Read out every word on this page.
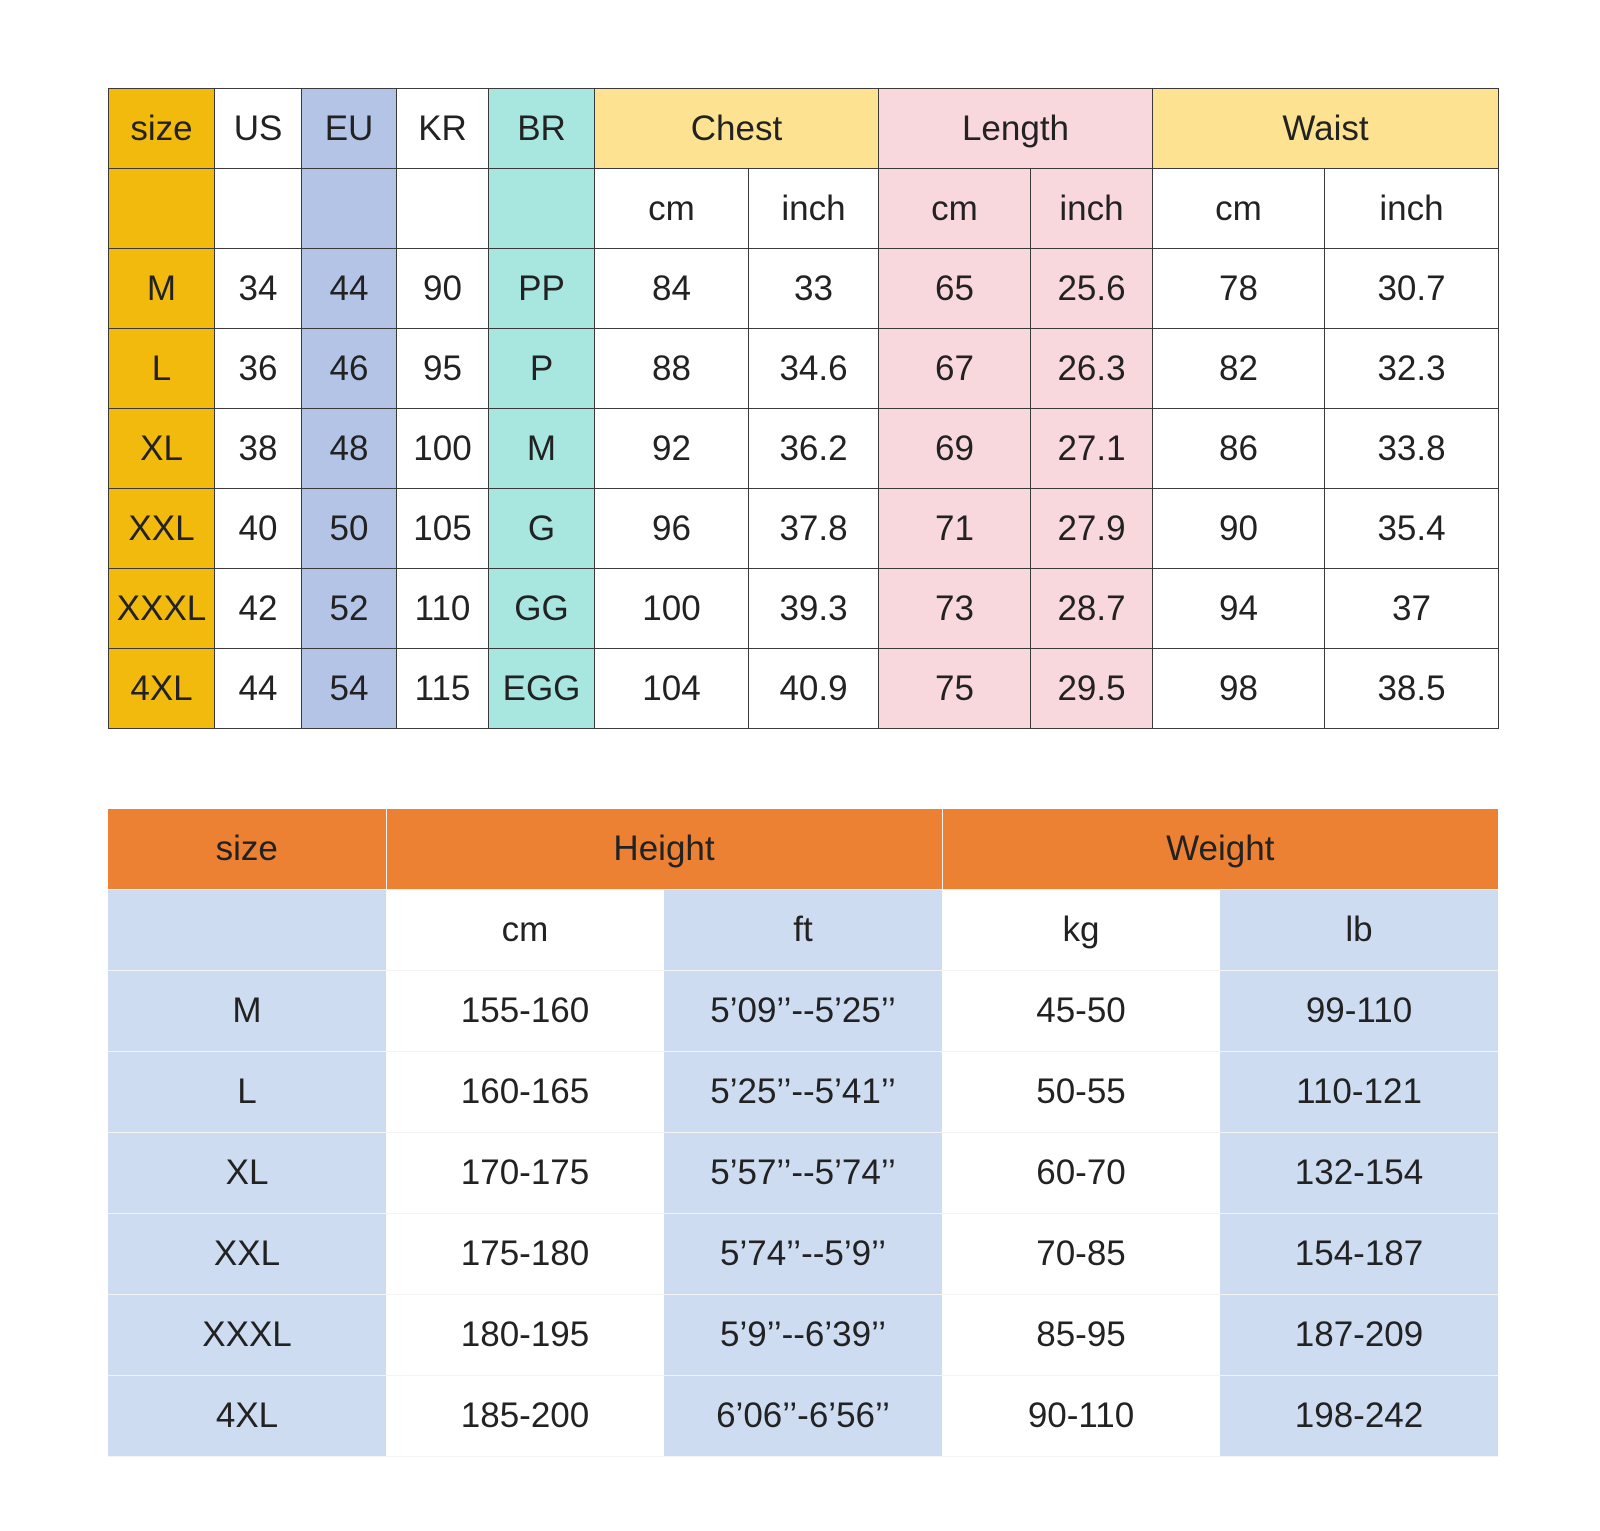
size	US	EU	KR	BR	Chest		Length		Waist	
					cm	inch	cm	inch	cm	inch
M	34	44	90	PP	84	33	65	25.6	78	30.7
L	36	46	95	P	88	34.6	67	26.3	82	32.3
XL	38	48	100	M	92	36.2	69	27.1	86	33.8
XXL	40	50	105	G	96	37.8	71	27.9	90	35.4
XXXL	42	52	110	GG	100	39.3	73	28.7	94	37
4XL	44	54	115	EGG	104	40.9	75	29.5	98	38.5
size	Height		Weight	
	cm	ft	kg	lb
M	155-160	5’09’’--5’25’’	45-50	99-110
L	160-165	5’25’’--5’41’’	50-55	110-121
XL	170-175	5’57’’--5’74’’	60-70	132-154
XXL	175-180	5’74’’--5’9’’	70-85	154-187
XXXL	180-195	5’9’’--6’39’’	85-95	187-209
4XL	185-200	6’06’’-6’56’’	90-110	198-242
